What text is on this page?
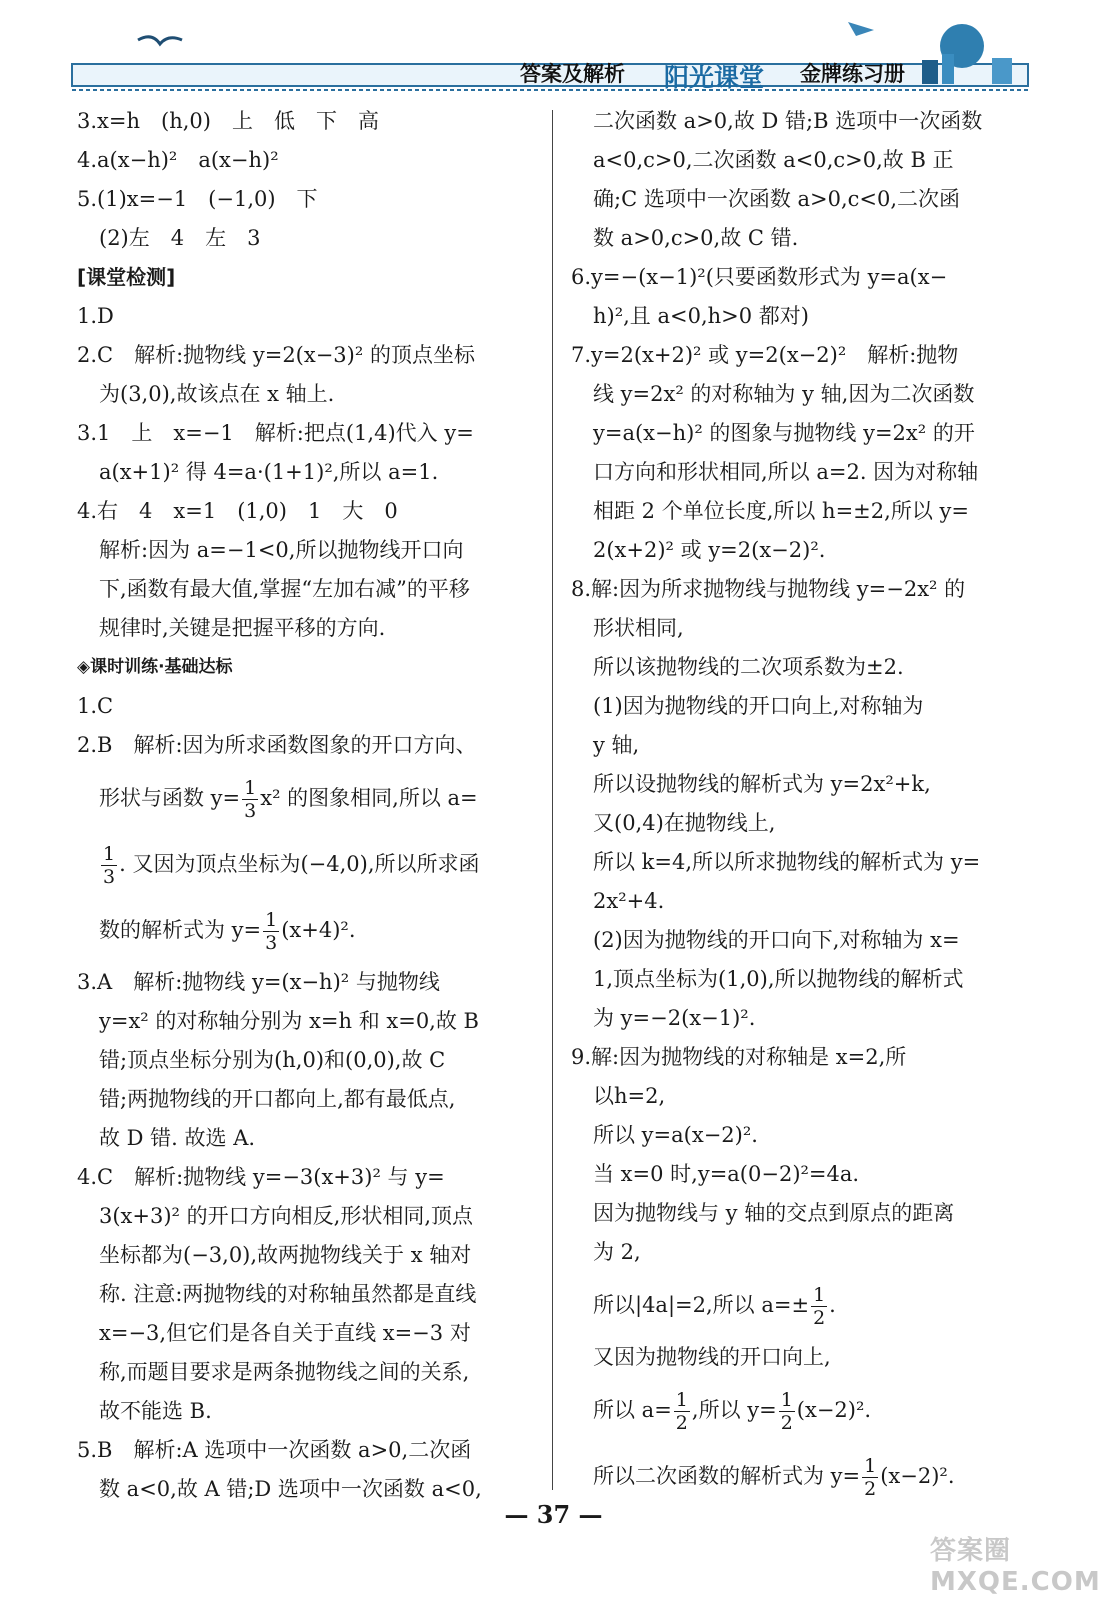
答案及解析 阳光课堂 金牌练习册
3.x=h　(h,0)　上　低　下　高
4.a(x−h)²　a(x−h)²
5.(1)x=−1　(−1,0)　下
(2)左　4　左　3
[课堂检测]
1.D
2.C　解析:抛物线 y=2(x−3)² 的顶点坐标
为(3,0),故该点在 x 轴上.
3.1　上　x=−1　解析:把点(1,4)代入 y=
a(x+1)² 得 4=a·(1+1)²,所以 a=1.
4.右　4　x=1　(1,0)　1　大　0
解析:因为 a=−1<0,所以抛物线开口向
下,函数有最大值,掌握“左加右减”的平移
规律时,关键是把握平移的方向.
◈课时训练·基础达标
1.C
2.B　解析:因为所求函数图象的开口方向、
形状与函数 $y= \frac{1}{3} x^2$ 的图象相同,所以 a=
$\frac{1}{3}$ . 又因为顶点坐标为(−4,0),所以所求函
数的解析式为 $y= \frac{1}{3} (x+4)^2$.
3.A　解析:抛物线 y=(x−h)² 与抛物线
y=x² 的对称轴分别为 x=h 和 x=0,故 B
错;顶点坐标分别为(h,0)和(0,0),故 C
错;两抛物线的开口都向上,都有最低点,
故 D 错. 故选 A.
4.C　解析:抛物线 y=−3(x+3)² 与 y=
3(x+3)² 的开口方向相反,形状相同,顶点
坐标都为(−3,0),故两抛物线关于 x 轴对
称. 注意:两抛物线的对称轴虽然都是直线
x=−3,但它们是各自关于直线 x=−3 对
称,而题目要求是两条抛物线之间的关系,
故不能选 B.
5.B　解析:A 选项中一次函数 a>0,二次函
数 a<0,故 A 错;D 选项中一次函数 a<0,
二次函数 a>0,故 D 错;B 选项中一次函数
a<0,c>0,二次函数 a<0,c>0,故 B 正
确;C 选项中一次函数 a>0,c<0,二次函
数 a>0,c>0,故 C 错.
6.y=−(x−1)²(只要函数形式为 y=a(x−
h)²,且 a<0,h>0 都对)
7.y=2(x+2)² 或 y=2(x−2)²　解析:抛物
线 y=2x² 的对称轴为 y 轴,因为二次函数
y=a(x−h)² 的图象与抛物线 y=2x² 的开
口方向和形状相同,所以 a=2. 因为对称轴
相距 2 个单位长度,所以 h=±2,所以 y=
2(x+2)² 或 y=2(x−2)².
8.解:因为所求抛物线与抛物线 y=−2x² 的
形状相同,
所以该抛物线的二次项系数为±2.
(1)因为抛物线的开口向上,对称轴为
y 轴,
所以设抛物线的解析式为 y=2x²+k,
又(0,4)在抛物线上,
所以 k=4,所以所求抛物线的解析式为 y=
2x²+4.
(2)因为抛物线的开口向下,对称轴为 x=
1,顶点坐标为(1,0),所以抛物线的解析式
为 y=−2(x−1)².
9.解:因为抛物线的对称轴是 x=2,所
以h=2,
所以 y=a(x−2)².
当 x=0 时,y=a(0−2)²=4a.
因为抛物线与 y 轴的交点到原点的距离
为 2,
所以|4a|=2,所以 $a=\pm \frac{1}{2}$ .
又因为抛物线的开口向上,
所以 $a= \frac{1}{2}$ ,所以 $y= \frac{1}{2} (x-2)^2$.
所以二次函数的解析式为 $y= \frac{1}{2} (x-2)^2$.
— 37 —
答案圈 MXQE.COM
